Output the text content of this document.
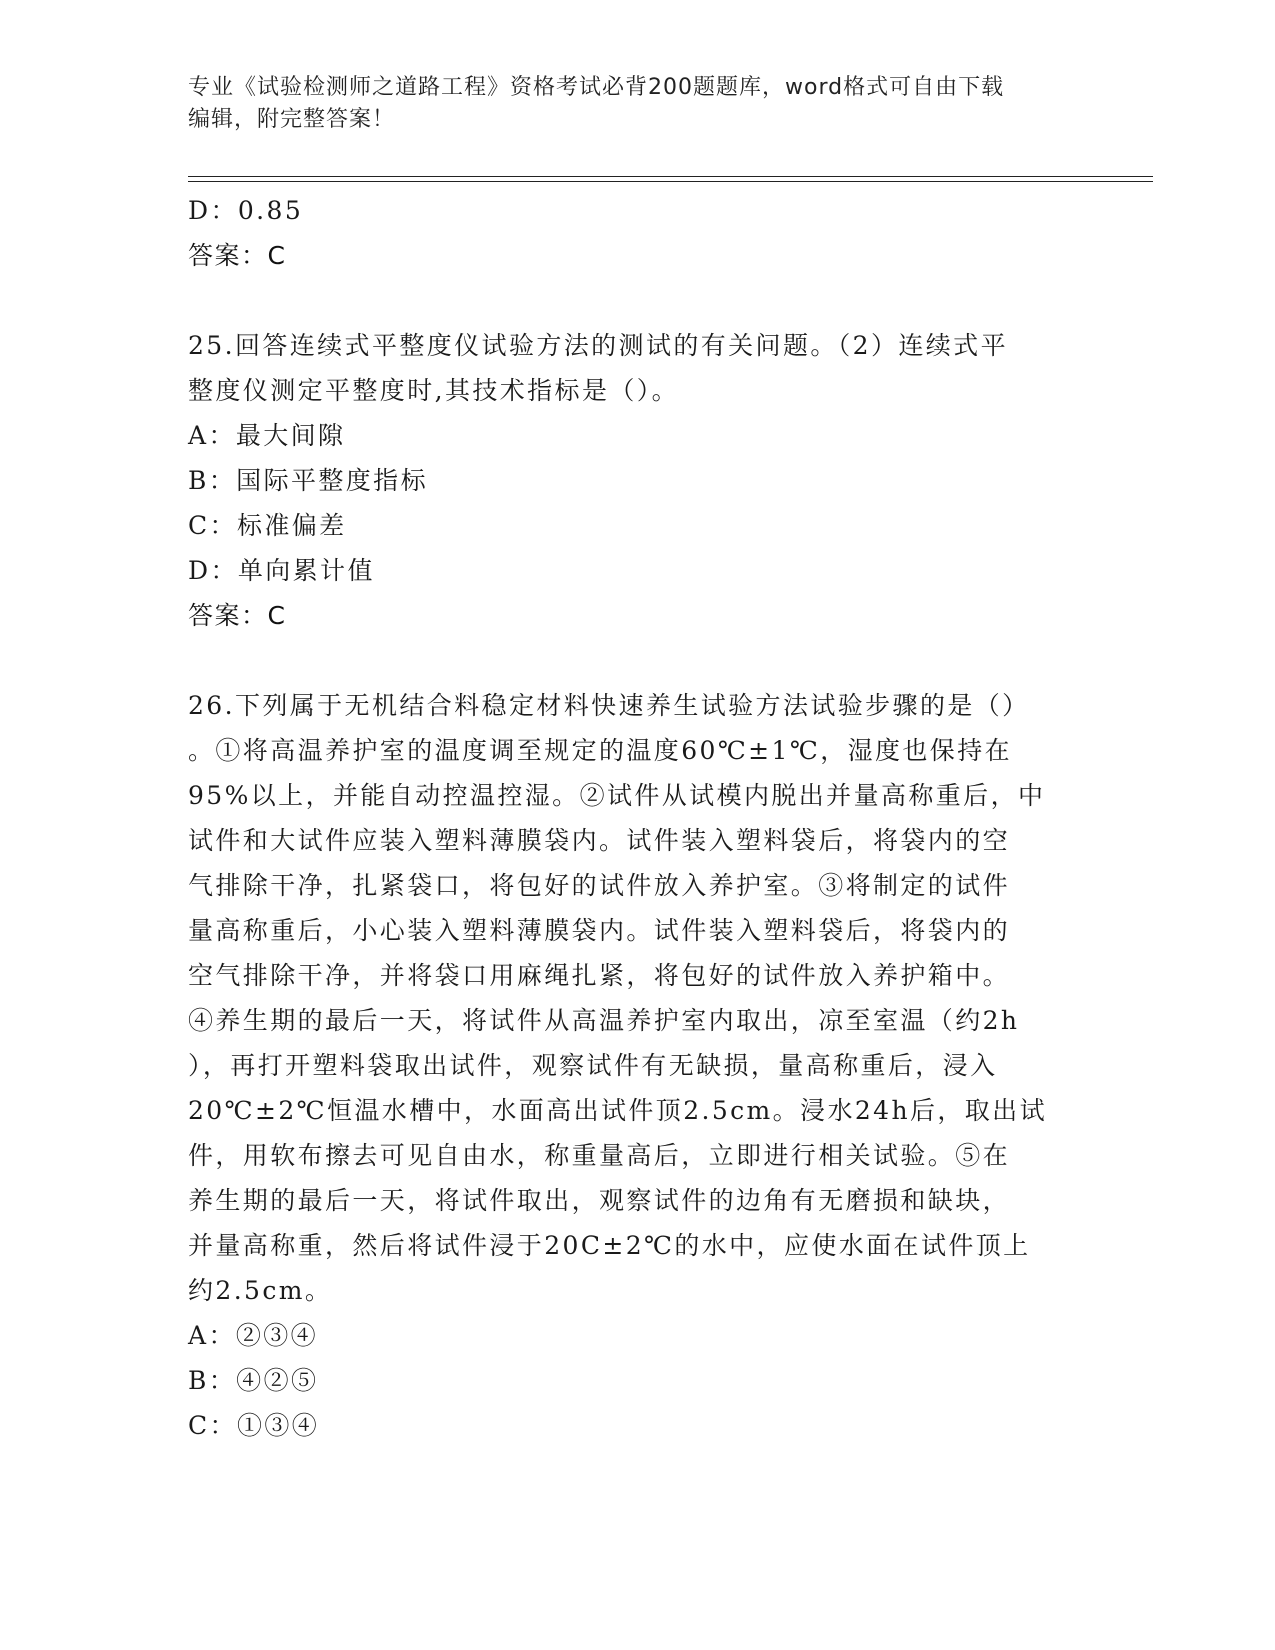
专业《试验检测师之道路工程》资格考试必背200题题库，word格式可自由下载
编辑，附完整答案！
D：0.85
答案：C
25.回答连续式平整度仪试验方法的测试的有关问题。（2）连续式平
整度仪测定平整度时,其技术指标是（）。
A：最大间隙
B：国际平整度指标
C：标准偏差
D：单向累计值
答案：C
26.下列属于无机结合料稳定材料快速养生试验方法试验步骤的是（）
。①将高温养护室的温度调至规定的温度60℃±1℃，湿度也保持在
95%以上，并能自动控温控湿。②试件从试模内脱出并量高称重后，中
试件和大试件应装入塑料薄膜袋内。试件装入塑料袋后，将袋内的空
气排除干净，扎紧袋口，将包好的试件放入养护室。③将制定的试件
量高称重后，小心装入塑料薄膜袋内。试件装入塑料袋后，将袋内的
空气排除干净，并将袋口用麻绳扎紧，将包好的试件放入养护箱中。
④养生期的最后一天，将试件从高温养护室内取出，凉至室温（约2h
），再打开塑料袋取出试件，观察试件有无缺损，量高称重后，浸入
20℃±2℃恒温水槽中，水面高出试件顶2.5cm。浸水24h后，取出试
件，用软布擦去可见自由水，称重量高后，立即进行相关试验。⑤在
养生期的最后一天，将试件取出，观察试件的边角有无磨损和缺块，
并量高称重，然后将试件浸于20C±2℃的水中，应使水面在试件顶上
约2.5cm。
A：②③④
B：④②⑤
C：①③④
